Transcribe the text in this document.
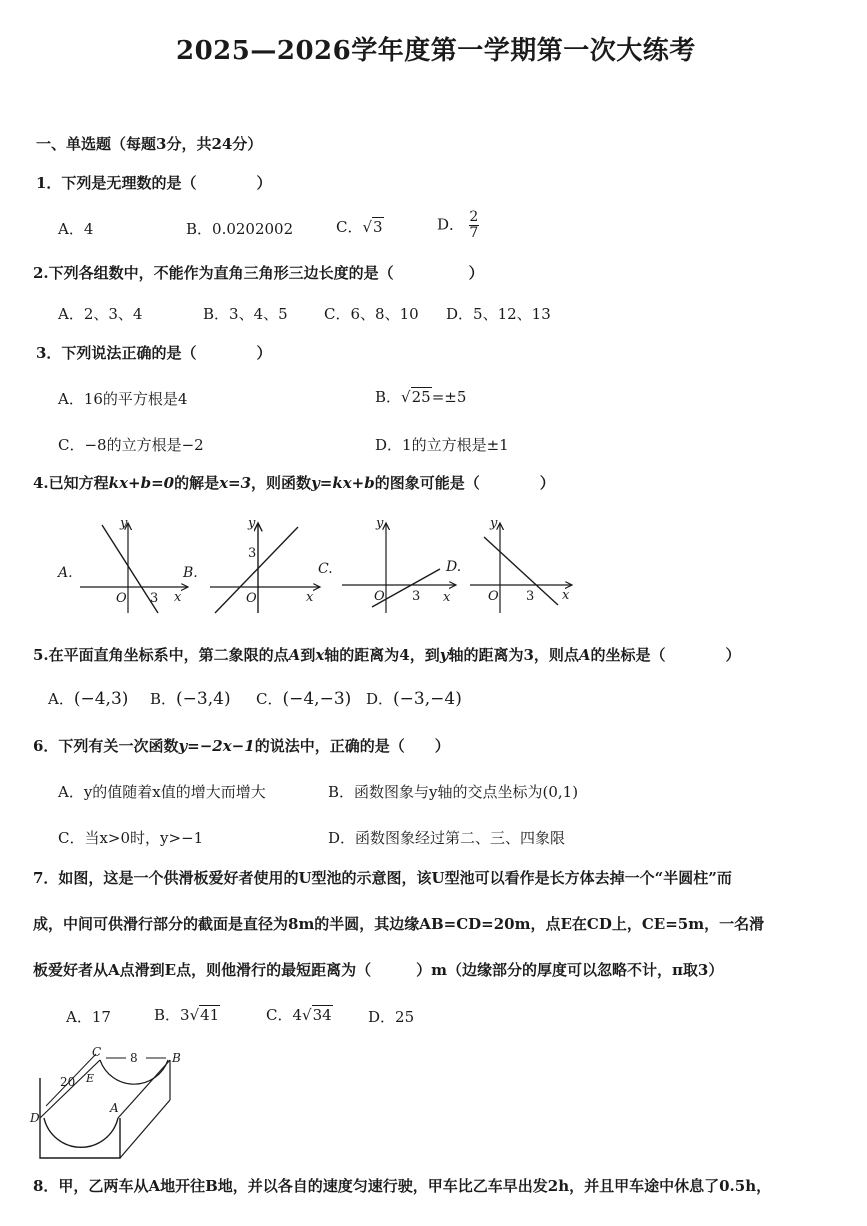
2025—2026学年度第一学期第一次大练考
一、单选题（每题3分，共24分）
1．下列是无理数的是（　　　　）
A．4	B．0.0202002	C．√3	D． $\frac{2}{7}$
2.下列各组数中，不能作为直角三角形三边长度的是（　　　　　）
A．2、3、4	B．3、4、5 C．6、8、10 D．5、12、13
3．下列说法正确的是（　　　　）
A．16的平方根是4	B．√25=±5
C．−8的立方根是−2	D．1的立方根是±1
4.已知方程kx+b=0的解是x=3，则函数y=kx+b的图象可能是（　　　　）
A.
y
x
O 3
B.
y
x
O
3
C.
y
x
O 3
D.
y
x
O 3
5.在平面直角坐标系中，第二象限的点A到x轴的距离为4，到y轴的距离为3，则点A的坐标是（　　　　）
A．(−4,3) B．(−3,4) C．(−4,−3) D．(−3,−4)
6．下列有关一次函数y=−2x−1的说法中，正确的是（　　）
A．y的值随着x值的增大而增大	B．函数图象与y轴的交点坐标为(0,1)
C．当x>0时，y>−1	D．函数图象经过第二、三、四象限
7．如图，这是一个供滑板爱好者使用的U型池的示意图，该U型池可以看作是长方体去掉一个“半圆柱”而
成，中间可供滑行部分的截面是直径为8m的半圆，其边缘AB=CD=20m，点E在CD上，CE=5m，一名滑
板爱好者从A点滑到E点，则他滑行的最短距离为（　　　）m（边缘部分的厚度可以忽略不计，π取3）
A．17	B．3√41	C．4√34 D．25
C	B
8
20 E
D
A
8．甲，乙两车从A地开往B地，并以各自的速度匀速行驶，甲车比乙车早出发2h，并且甲车途中休息了0.5h，
